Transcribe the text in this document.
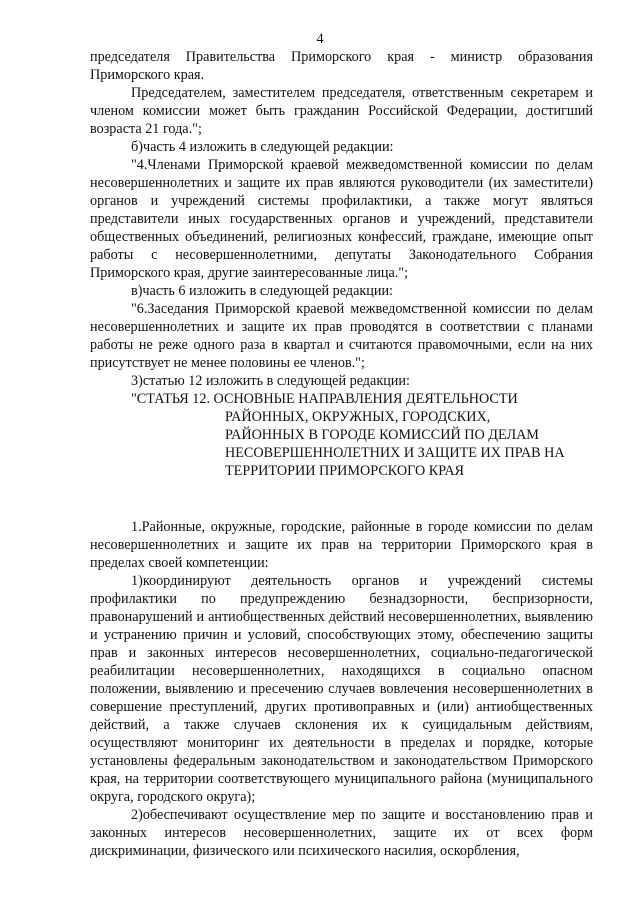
4

председателя Правительства Приморского края - министр образования Приморского края.

Председателем, заместителем председателя, ответственным секретарем и членом комиссии может быть гражданин Российской Федерации, достигший возраста 21 года.";

б)часть 4 изложить в следующей редакции:

"4.Членами Приморской краевой межведомственной комиссии по делам несовершеннолетних и защите их прав являются руководители (их заместители) органов и учреждений системы профилактики, а также могут являться представители иных государственных органов и учреждений, представители общественных объединений, религиозных конфессий, граждане, имеющие опыт работы с несовершеннолетними, депутаты Законодательного Собрания Приморского края, другие заинтересованные лица.";

в)часть 6 изложить в следующей редакции:

"6.Заседания Приморской краевой межведомственной комиссии по делам несовершеннолетних и защите их прав проводятся в соответствии с планами работы не реже одного раза в квартал и считаются правомочными, если на них присутствует не менее половины ее членов.";

3)статью 12 изложить в следующей редакции:

"СТАТЬЯ 12. ОСНОВНЫЕ НАПРАВЛЕНИЯ ДЕЯТЕЛЬНОСТИ
РАЙОННЫХ, ОКРУЖНЫХ, ГОРОДСКИХ,
РАЙОННЫХ В ГОРОДЕ КОМИССИЙ ПО ДЕЛАМ
НЕСОВЕРШЕННОЛЕТНИХ И ЗАЩИТЕ ИХ ПРАВ НА
ТЕРРИТОРИИ ПРИМОРСКОГО КРАЯ

1.Районные, окружные, городские, районные в городе комиссии по делам несовершеннолетних и защите их прав на территории Приморского края в пределах своей компетенции:

1)координируют деятельность органов и учреждений системы профилактики по предупреждению безнадзорности, беспризорности, правонарушений и антиобщественных действий несовершеннолетних, выявлению и устранению причин и условий, способствующих этому, обеспечению защиты прав и законных интересов несовершеннолетних, социально-педагогической реабилитации несовершеннолетних, находящихся в социально опасном положении, выявлению и пресечению случаев вовлечения несовершеннолетних в совершение преступлений, других противоправных и (или) антиобщественных действий, а также случаев склонения их к суицидальным действиям, осуществляют мониторинг их деятельности в пределах и порядке, которые установлены федеральным законодательством и законодательством Приморского края, на территории соответствующего муниципального района (муниципального округа, городского округа);

2)обеспечивают осуществление мер по защите и восстановлению прав и законных интересов несовершеннолетних, защите их от всех форм дискриминации, физического или психического насилия, оскорбления,
